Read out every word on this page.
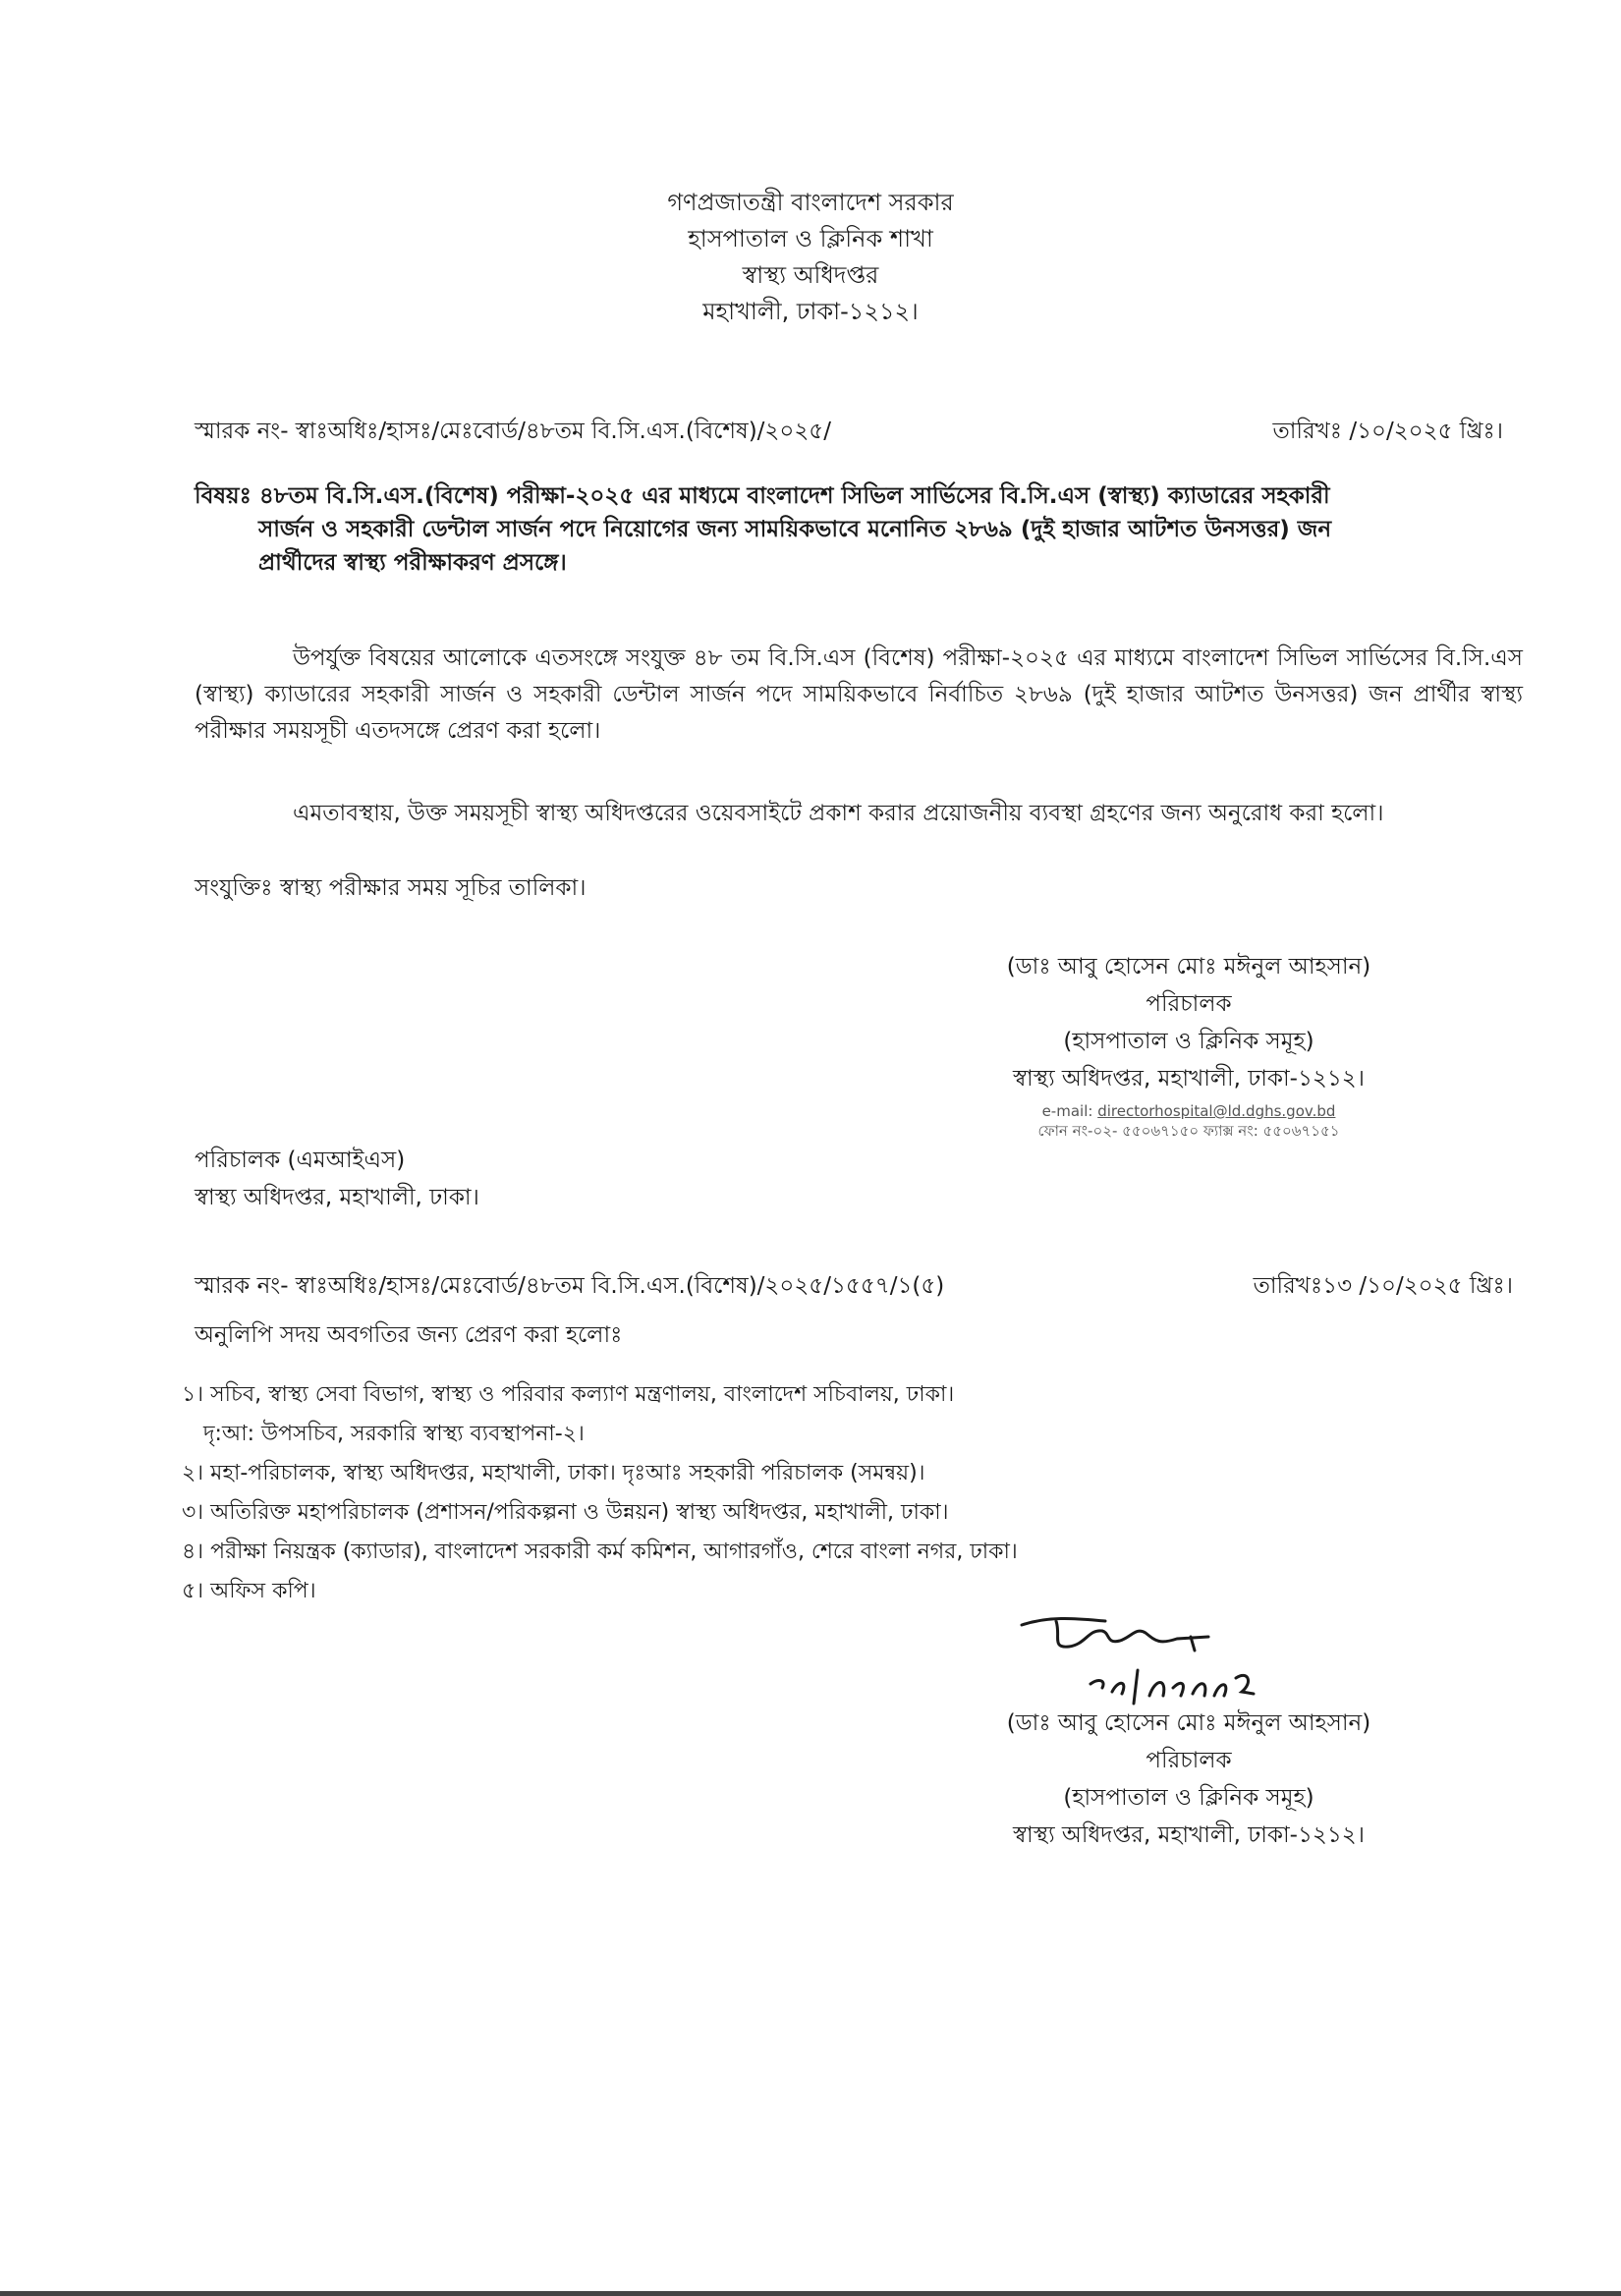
গণপ্রজাতন্ত্রী বাংলাদেশ সরকার
হাসপাতাল ও ক্লিনিক শাখা
স্বাস্থ্য অধিদপ্তর
মহাখালী, ঢাকা-১২১২।
স্মারক নং- স্বাঃঅধিঃ/হাসঃ/মেঃবোর্ড/৪৮তম বি.সি.এস.(বিশেষ)/২০২৫/	তারিখঃ /১০/২০২৫ খ্রিঃ।
বিষয়ঃ ৪৮তম বি.সি.এস.(বিশেষ) পরীক্ষা-২০২৫ এর মাধ্যমে বাংলাদেশ সিভিল সার্ভিসের বি.সি.এস (স্বাস্থ্য) ক্যাডারের সহকারী
সার্জন ও সহকারী ডেন্টাল সার্জন পদে নিয়োগের জন্য সাময়িকভাবে মনোনিত ২৮৬৯ (দুই হাজার আটশত উনসত্তর) জন
প্রার্থীদের স্বাস্থ্য পরীক্ষাকরণ প্রসঙ্গে।
উপর্যুক্ত বিষয়ের আলোকে এতসংঙ্গে সংযুক্ত ৪৮ তম বি.সি.এস (বিশেষ) পরীক্ষা-২০২৫ এর মাধ্যমে বাংলাদেশ সিভিল সার্ভিসের বি.সি.এস (স্বাস্থ্য) ক্যাডারের সহকারী সার্জন ও সহকারী ডেন্টাল সার্জন পদে সাময়িকভাবে নির্বাচিত ২৮৬৯ (দুই হাজার আটশত উনসত্তর) জন প্রার্থীর স্বাস্থ্য পরীক্ষার সময়সূচী এতদসঙ্গে প্রেরণ করা হলো।
এমতাবস্থায়, উক্ত সময়সূচী স্বাস্থ্য অধিদপ্তরের ওয়েবসাইটে প্রকাশ করার প্রয়োজনীয় ব্যবস্থা গ্রহণের জন্য অনুরোধ করা হলো।
সংযুক্তিঃ স্বাস্থ্য পরীক্ষার সময় সূচির তালিকা।
(ডাঃ আবু হোসেন মোঃ মঈনুল আহসান)
পরিচালক
(হাসপাতাল ও ক্লিনিক সমূহ)
স্বাস্থ্য অধিদপ্তর, মহাখালী, ঢাকা-১২১২।
e-mail: directorhospital@ld.dghs.gov.bd
ফোন নং-০২- ৫৫০৬৭১৫০ ফ্যাক্স নং: ৫৫০৬৭১৫১
পরিচালক (এমআইএস)
স্বাস্থ্য অধিদপ্তর, মহাখালী, ঢাকা।
স্মারক নং- স্বাঃঅধিঃ/হাসঃ/মেঃবোর্ড/৪৮তম বি.সি.এস.(বিশেষ)/২০২৫/১৫৫৭/১(৫)	তারিখঃ১৩ /১০/২০২৫ খ্রিঃ।
অনুলিপি সদয় অবগতির জন্য প্রেরণ করা হলোঃ
১। সচিব, স্বাস্থ্য সেবা বিভাগ, স্বাস্থ্য ও পরিবার কল্যাণ মন্ত্রণালয়, বাংলাদেশ সচিবালয়, ঢাকা।
দৃ:আ: উপসচিব, সরকারি স্বাস্থ্য ব্যবস্থাপনা-২।
২। মহা-পরিচালক, স্বাস্থ্য অধিদপ্তর, মহাখালী, ঢাকা। দৃঃআঃ সহকারী পরিচালক (সমন্বয়)।
৩। অতিরিক্ত মহাপরিচালক (প্রশাসন/পরিকল্পনা ও উন্নয়ন) স্বাস্থ্য অধিদপ্তর, মহাখালী, ঢাকা।
৪। পরীক্ষা নিয়ন্ত্রক (ক্যাডার), বাংলাদেশ সরকারী কর্ম কমিশন, আগারগাঁও, শেরে বাংলা নগর, ঢাকা।
৫। অফিস কপি।
(ডাঃ আবু হোসেন মোঃ মঈনুল আহসান)
পরিচালক
(হাসপাতাল ও ক্লিনিক সমূহ)
স্বাস্থ্য অধিদপ্তর, মহাখালী, ঢাকা-১২১২।
